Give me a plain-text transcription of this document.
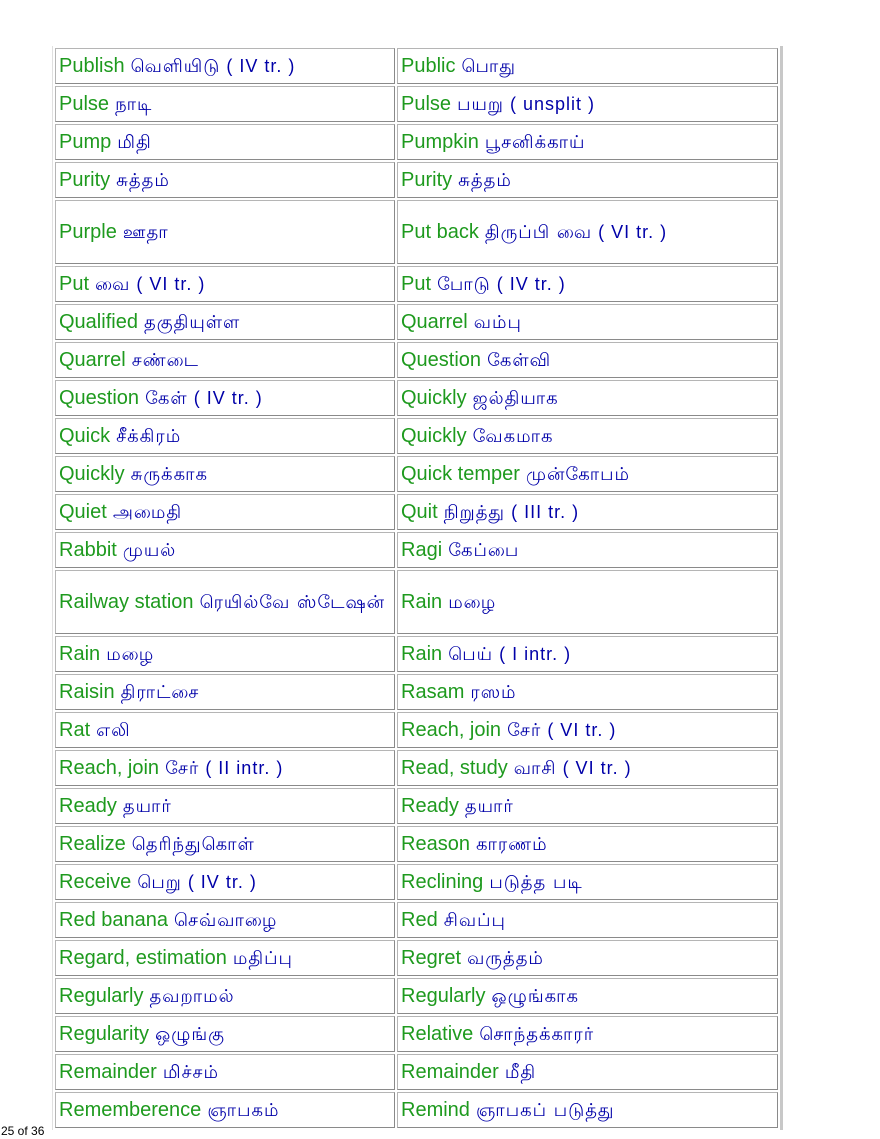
Publish வெளியிடு ( IV tr. )	Public பொது
Pulse நாடி	Pulse பயறு ( unsplit )
Pump மிதி	Pumpkin பூசனிக்காய்
Purity சுத்தம்	Purity சுத்தம்
Purple ஊதா	Put back திருப்பி வை ( VI tr. )
Put வை ( VI tr. )	Put போடு ( IV tr. )
Qualified தகுதியுள்ள	Quarrel வம்பு
Quarrel சண்டை	Question கேள்வி
Question கேள் ( IV tr. )	Quickly ஜல்தியாக
Quick சீக்கிரம்	Quickly வேகமாக
Quickly சுருக்காக	Quick temper முன்கோபம்
Quiet அமைதி	Quit நிறுத்து ( III tr. )
Rabbit முயல்	Ragi கேப்பை
Railway station ரெயில்வே ஸ்டேஷன்	Rain மழை
Rain மழை	Rain பெய் ( I intr. )
Raisin திராட்சை	Rasam ரஸம்
Rat எலி	Reach, join சேர் ( VI tr. )
Reach, join சேர் ( II intr. )	Read, study வாசி ( VI tr. )
Ready தயார்	Ready தயார்
Realize தெரிந்துகொள்	Reason காரணம்
Receive பெறு ( IV tr. )	Reclining படுத்த படி
Red banana செவ்வாழை	Red சிவப்பு
Regard, estimation மதிப்பு	Regret வருத்தம்
Regularly தவறாமல்	Regularly ஒழுங்காக
Regularity ஒழுங்கு	Relative சொந்தக்காரர்
Remainder மிச்சம்	Remainder மீதி
Rememberence ஞாபகம்	Remind ஞாபகப் படுத்து
25 of 36
